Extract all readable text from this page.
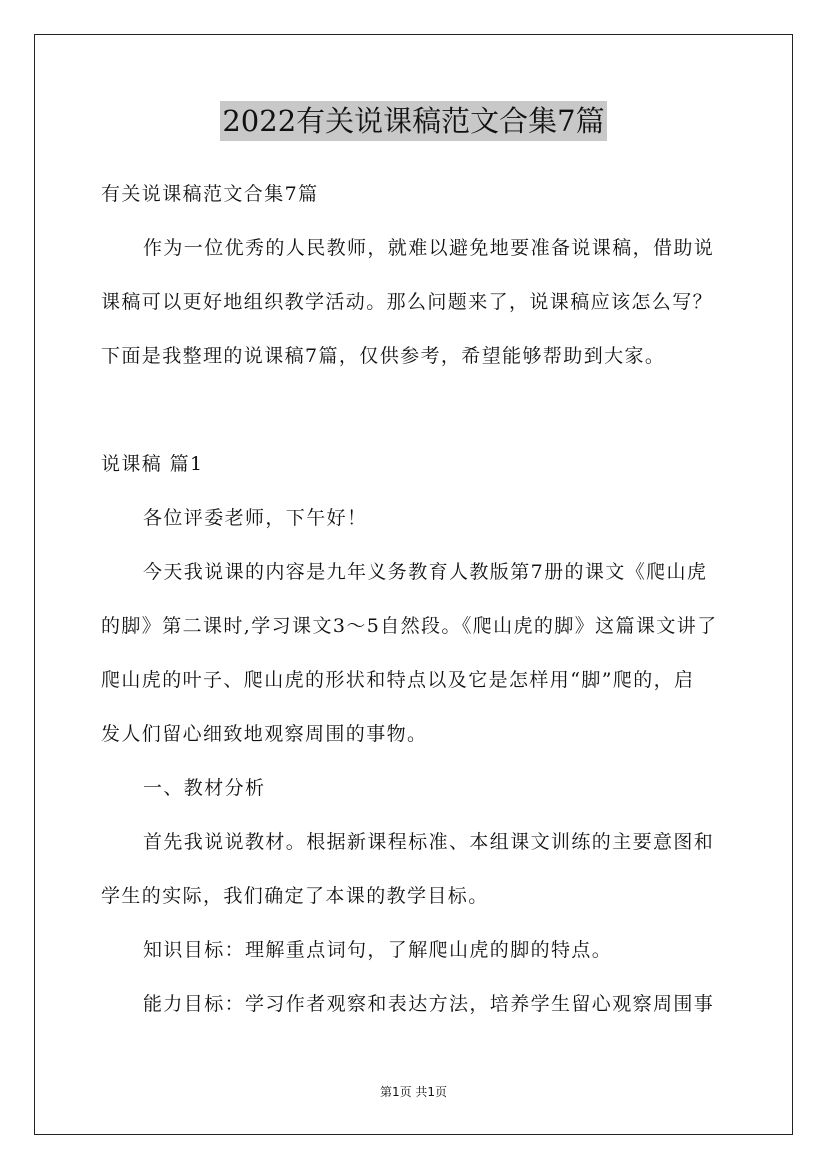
2022有关说课稿范文合集7篇
有关说课稿范文合集7篇
作为一位优秀的人民教师，就难以避免地要准备说课稿，借助说
课稿可以更好地组织教学活动。那么问题来了，说课稿应该怎么写？
下面是我整理的说课稿7篇，仅供参考，希望能够帮助到大家。
说课稿 篇1
各位评委老师，下午好！
今天我说课的内容是九年义务教育人教版第7册的课文《爬山虎
的脚》第二课时,学习课文3～5自然段。《爬山虎的脚》这篇课文讲了
爬山虎的叶子、爬山虎的形状和特点以及它是怎样用“脚”爬的，启
发人们留心细致地观察周围的事物。
一、教材分析
首先我说说教材。根据新课程标准、本组课文训练的主要意图和
学生的实际，我们确定了本课的教学目标。
知识目标：理解重点词句，了解爬山虎的脚的特点。
能力目标：学习作者观察和表达方法，培养学生留心观察周围事
第1页 共1页
